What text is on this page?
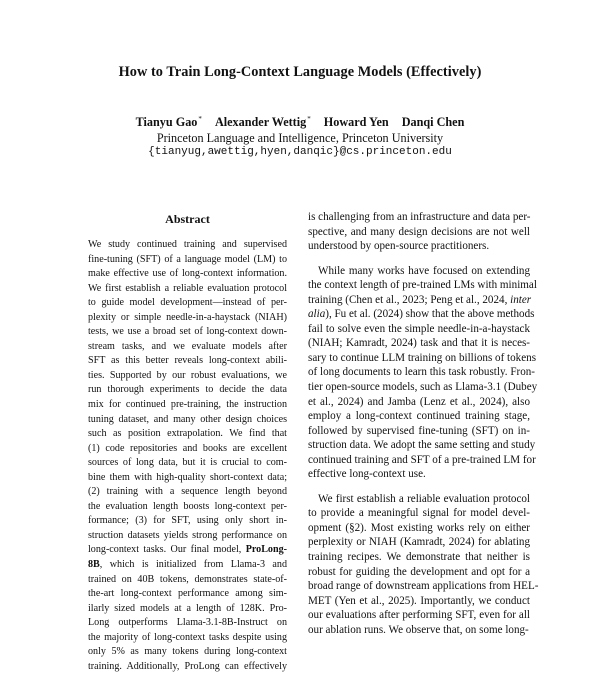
How to Train Long-Context Language Models (Effectively)
Tianyu Gao* Alexander Wettig* Howard Yen Danqi Chen
Princeton Language and Intelligence, Princeton University
{tianyug,awettig,hyen,danqic}@cs.princeton.edu
Abstract
We study continued training and supervised
fine-tuning (SFT) of a language model (LM) to
make effective use of long-context information.
We first establish a reliable evaluation protocol
to guide model development—instead of per-
plexity or simple needle-in-a-haystack (NIAH)
tests, we use a broad set of long-context down-
stream tasks, and we evaluate models after
SFT as this better reveals long-context abili-
ties. Supported by our robust evaluations, we
run thorough experiments to decide the data
mix for continued pre-training, the instruction
tuning dataset, and many other design choices
such as position extrapolation. We find that
(1) code repositories and books are excellent
sources of long data, but it is crucial to com-
bine them with high-quality short-context data;
(2) training with a sequence length beyond
the evaluation length boosts long-context per-
formance; (3) for SFT, using only short in-
struction datasets yields strong performance on
long-context tasks. Our final model, ProLong-
8B, which is initialized from Llama-3 and
trained on 40B tokens, demonstrates state-of-
the-art long-context performance among sim-
ilarly sized models at a length of 128K. Pro-
Long outperforms Llama-3.1-8B-Instruct on
the majority of long-context tasks despite using
only 5% as many tokens during long-context
training. Additionally, ProLong can effectively
is challenging from an infrastructure and data per-
spective, and many design decisions are not well
understood by open-source practitioners.
While many works have focused on extending
the context length of pre-trained LMs with minimal
training (Chen et al., 2023; Peng et al., 2024, inter
alia), Fu et al. (2024) show that the above methods
fail to solve even the simple needle-in-a-haystack
(NIAH; Kamradt, 2024) task and that it is neces-
sary to continue LLM training on billions of tokens
of long documents to learn this task robustly. Fron-
tier open-source models, such as Llama-3.1 (Dubey
et al., 2024) and Jamba (Lenz et al., 2024), also
employ a long-context continued training stage,
followed by supervised fine-tuning (SFT) on in-
struction data. We adopt the same setting and study
continued training and SFT of a pre-trained LM for
effective long-context use.
We first establish a reliable evaluation protocol
to provide a meaningful signal for model devel-
opment (§2). Most existing works rely on either
perplexity or NIAH (Kamradt, 2024) for ablating
training recipes. We demonstrate that neither is
robust for guiding the development and opt for a
broad range of downstream applications from HEL-
MET (Yen et al., 2025). Importantly, we conduct
our evaluations after performing SFT, even for all
our ablation runs. We observe that, on some long-
